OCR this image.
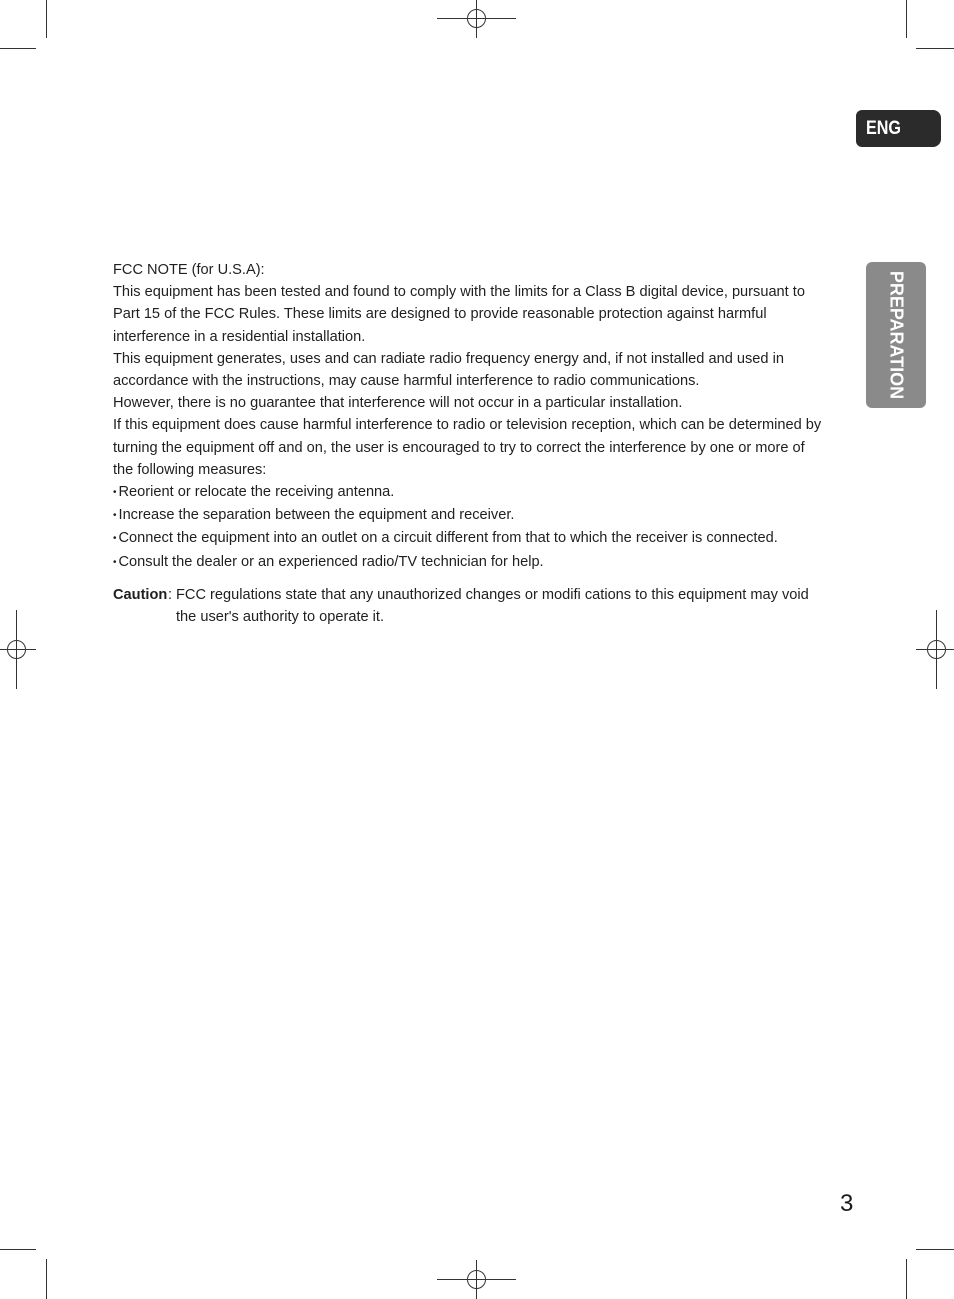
ENG
PREPARATION

FCC NOTE (for U.S.A):

This equipment has been tested and found to comply with the limits for a Class B digital device, pursuant to Part 15 of the FCC Rules. These limits are designed to provide reasonable protection against harmful interference in a residential installation.

This equipment generates, uses and can radiate radio frequency energy and, if not installed and used in accordance with the instructions, may cause harmful interference to radio communications.

However, there is no guarantee that interference will not occur in a particular installation.

If this equipment does cause harmful interference to radio or television reception, which can be determined by turning the equipment off and on, the user is encouraged to try to correct the interference by one or more of the following measures:

• Reorient or relocate the receiving antenna.
• Increase the separation between the equipment and receiver.
• Connect the equipment into an outlet on a circuit different from that to which the receiver is connected.
• Consult the dealer or an experienced radio/TV technician for help.
Caution : FCC regulations state that any unauthorized changes or modifi cations to this equipment may void the user's authority to operate it.
3
